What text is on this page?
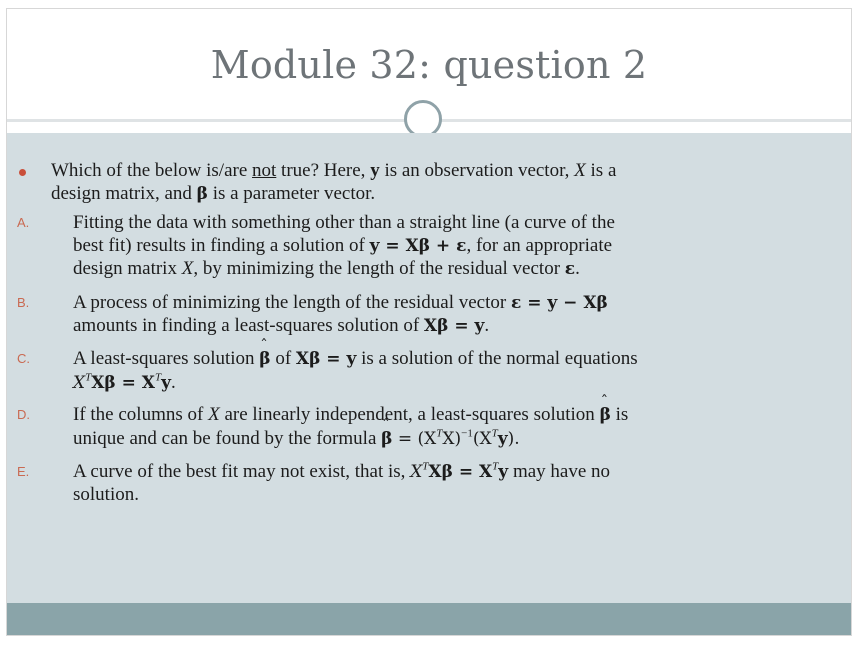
Module 32: question 2
Which of the below is/are not true? Here, y is an observation vector, X is a
design matrix, and β is a parameter vector.
A. Fitting the data with something other than a straight line (a curve of the
best fit) results in finding a solution of y = Xβ + ε, for an appropriate
design matrix X, by minimizing the length of the residual vector ε.
B. A process of minimizing the length of the residual vector ε = y − Xβ
amounts in finding a least-squares solution of Xβ = y.
C. A least-squares solution ˆ β of Xβ = y is a solution of the normal equations
$X^TX\beta = X^Ty$.
D. If the columns of X are linearly independent, a least-squares solution ˆ β is
unique and can be found by the formula ˆ $\beta = (X^TX)^{-1}(X^Ty)$.
E. A curve of the best fit may not exist, that is, $X^TX\beta = X^Ty$ may have no
solution.
